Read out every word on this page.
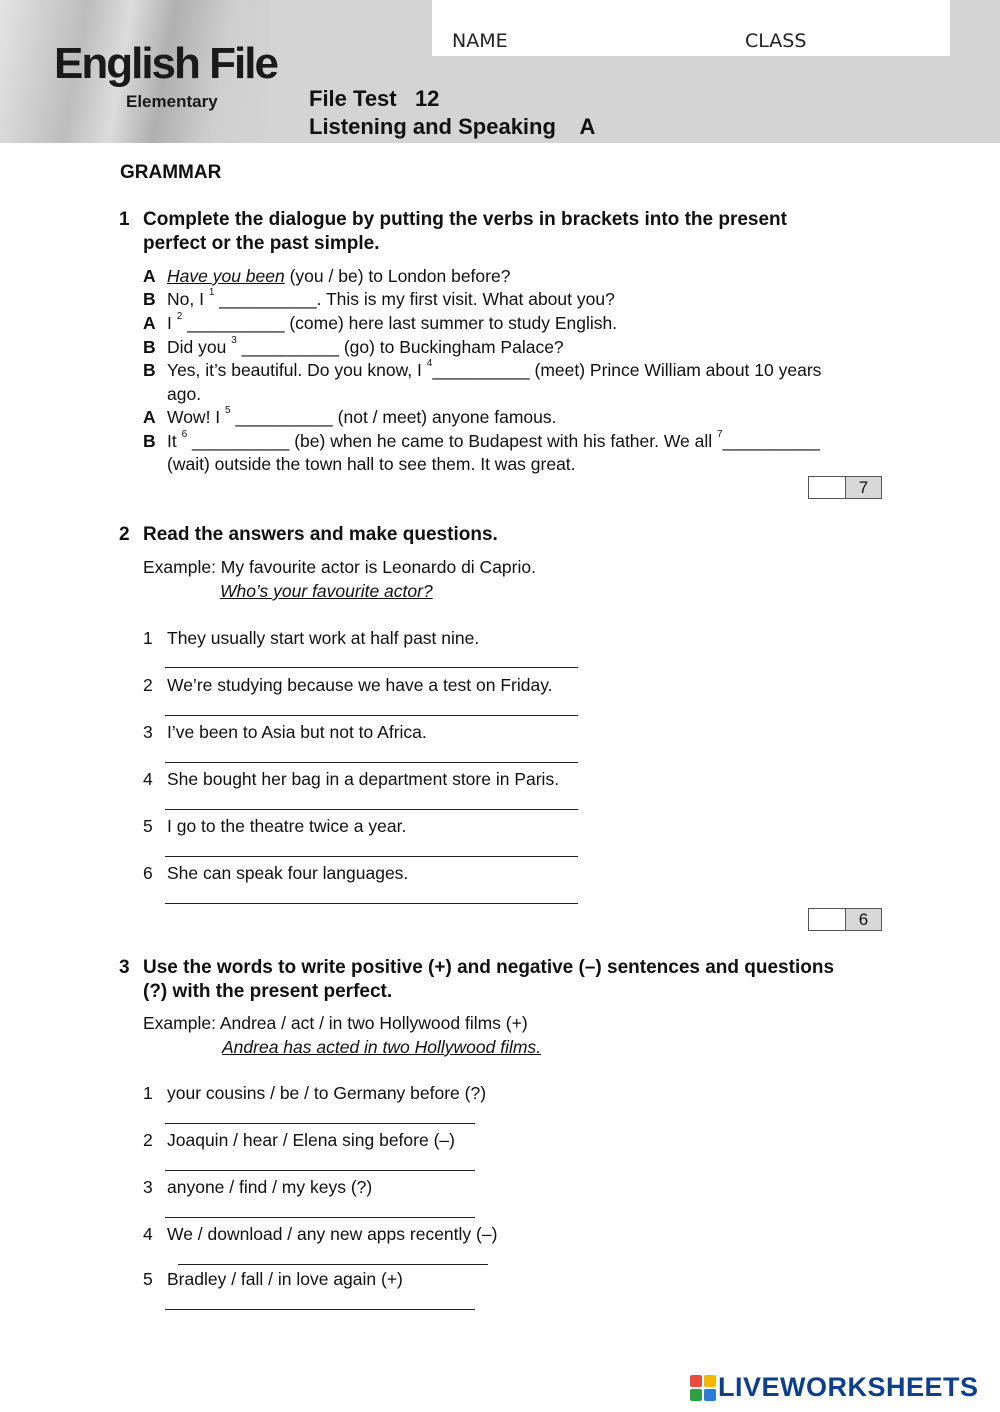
English File
Elementary
NAME	CLASS
File Test   12
Listening and Speaking    A
GRAMMAR
1 Complete the dialogue by putting the verbs in brackets into the present
perfect or the past simple.
A Have you been (you / be) to London before?
B No, I $^1$ __________. This is my first visit. What about you?
A I $^2$ __________ (come) here last summer to study English.
B Did you $^3$ __________ (go) to Buckingham Palace?
B Yes, it’s beautiful. Do you know, I $^4$__________ (meet) Prince William about 10 years
ago.
A Wow! I $^5$ __________ (not / meet) anyone famous.
B It $^6$ __________ (be) when he came to Budapest with his father. We all $^7$__________
(wait) outside the town hall to see them. It was great.
7
2 Read the answers and make questions.
Example: My favourite actor is Leonardo di Caprio.
Who’s your favourite actor?
1 They usually start work at half past nine.
2 We’re studying because we have a test on Friday.
3 I’ve been to Asia but not to Africa.
4 She bought her bag in a department store in Paris.
5 I go to the theatre twice a year.
6 She can speak four languages.
6
3 Use the words to write positive (+) and negative (–) sentences and questions
(?) with the present perfect.
Example: Andrea / act / in two Hollywood films (+)
Andrea has acted in two Hollywood films.
1 your cousins / be / to Germany before (?)
2 Joaquin / hear / Elena sing before (–)
3 anyone / find / my keys (?)
4 We / download / any new apps recently (–)
5 Bradley / fall / in love again (+)
LIVEWORKSHEETS
